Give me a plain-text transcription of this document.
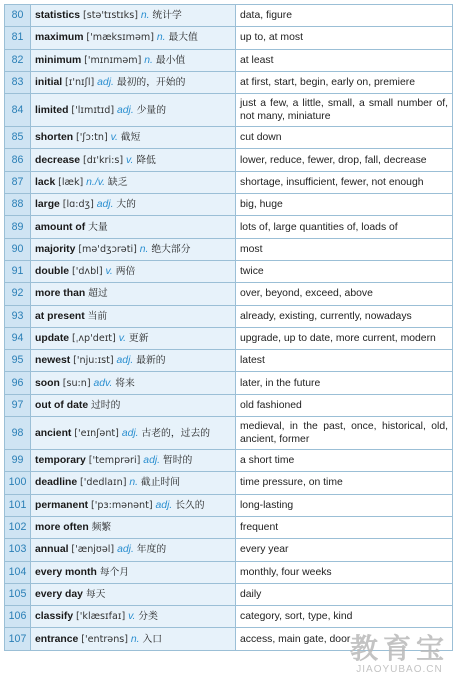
80	statistics [stə'tɪstɪks] n. 统计学	data, figure
81	maximum ['mæksɪməm] n. 最大值	up to, at most
82	minimum ['mɪnɪməm] n. 最小值	at least
83	initial [ɪ'nɪʃl] adj. 最初的，开始的	at first, start, begin, early on, premiere
84	limited ['lɪmɪtɪd] adj. 少量的	just a few, a little, small, a small number of, not many, miniature
85	shorten ['ʃɔ:tn] v. 截短	cut down
86	decrease [dɪ'kri:s] v. 降低	lower, reduce, fewer, drop, fall, decrease
87	lack [læk] n./v. 缺乏	shortage, insufficient, fewer, not enough
88	large [lɑ:dʒ] adj. 大的	big, huge
89	amount of 大量	lots of, large quantities of, loads of
90	majority [mə'dʒɔrəti] n. 绝大部分	most
91	double ['dʌbl] v. 两倍	twice
92	more than 超过	over, beyond, exceed, above
93	at present 当前	already, existing, currently, nowadays
94	update [ˌʌp'deɪt] v. 更新	upgrade, up to date, more current, modern
95	newest ['nju:ɪst] adj. 最新的	latest
96	soon [su:n] adv. 将来	later, in the future
97	out of date 过时的	old fashioned
98	ancient ['eɪnʃənt] adj. 古老的，过去的	medieval, in the past, once, historical, old, ancient, former
99	temporary ['temprəri] adj. 暂时的	a short time
100	deadline ['dedlaɪn] n. 截止时间	time pressure, on time
101	permanent ['pɜ:mənənt] adj. 长久的	long-lasting
102	more often 频繁	frequent
103	annual ['ænjʊəl] adj. 年度的	every year
104	every month 每个月	monthly, four weeks
105	every day 每天	daily
106	classify ['klæsɪfaɪ] v. 分类	category, sort, type, kind
107	entrance ['entrəns] n. 入口	access, main gate, door 教育宝
JIAOYUBAO.CN
